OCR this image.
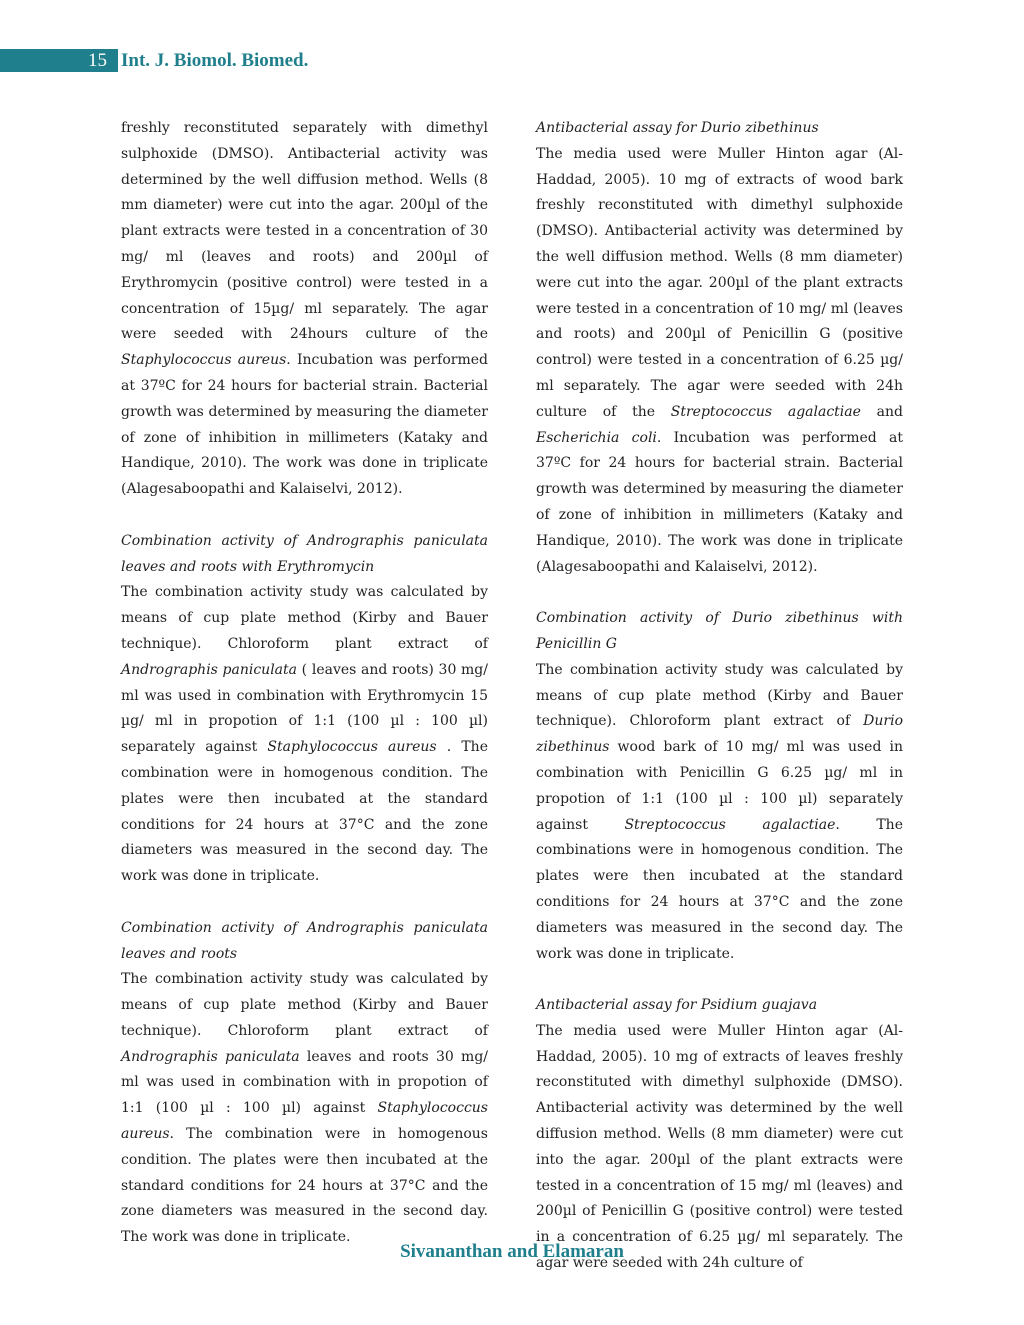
15 Int. J. Biomol. Biomed.

freshly reconstituted separately with dimethyl sulphoxide (DMSO). Antibacterial activity was determined by the well diffusion method. Wells (8 mm diameter) were cut into the agar. 200µl of the plant extracts were tested in a concentration of 30 mg/ ml (leaves and roots) and 200µl of Erythromycin (positive control) were tested in a concentration of 15µg/ ml separately. The agar were seeded with 24hours culture of the Staphylococcus aureus. Incubation was performed at 37ºC for 24 hours for bacterial strain. Bacterial growth was determined by measuring the diameter of zone of inhibition in millimeters (Kataky and Handique, 2010). The work was done in triplicate (Alagesaboopathi and Kalaiselvi, 2012).

Combination activity of Andrographis paniculata leaves and roots with Erythromycin

The combination activity study was calculated by means of cup plate method (Kirby and Bauer technique). Chloroform plant extract of Andrographis paniculata ( leaves and roots) 30 mg/ ml was used in combination with Erythromycin 15 µg/ ml in propotion of 1:1 (100 µl : 100 µl) separately against Staphylococcus aureus . The combination were in homogenous condition. The plates were then incubated at the standard conditions for 24 hours at 37°C and the zone diameters was measured in the second day. The work was done in triplicate.

Combination activity of Andrographis paniculata leaves and roots

The combination activity study was calculated by means of cup plate method (Kirby and Bauer technique). Chloroform plant extract of Andrographis paniculata leaves and roots 30 mg/ ml was used in combination with in propotion of 1:1 (100 µl : 100 µl) against Staphylococcus aureus. The combination were in homogenous condition. The plates were then incubated at the standard conditions for 24 hours at 37°C and the zone diameters was measured in the second day. The work was done in triplicate.

Antibacterial assay for Durio zibethinus

The media used were Muller Hinton agar (Al-Haddad, 2005). 10 mg of extracts of wood bark freshly reconstituted with dimethyl sulphoxide (DMSO). Antibacterial activity was determined by the well diffusion method. Wells (8 mm diameter) were cut into the agar. 200µl of the plant extracts were tested in a concentration of 10 mg/ ml (leaves and roots) and 200µl of Penicillin G (positive control) were tested in a concentration of 6.25 µg/ ml separately. The agar were seeded with 24h culture of the Streptococcus agalactiae and Escherichia coli. Incubation was performed at 37ºC for 24 hours for bacterial strain. Bacterial growth was determined by measuring the diameter of zone of inhibition in millimeters (Kataky and Handique, 2010). The work was done in triplicate (Alagesaboopathi and Kalaiselvi, 2012).

Combination activity of Durio zibethinus with Penicillin G

The combination activity study was calculated by means of cup plate method (Kirby and Bauer technique). Chloroform plant extract of Durio zibethinus wood bark of 10 mg/ ml was used in combination with Penicillin G 6.25 µg/ ml in propotion of 1:1 (100 µl : 100 µl) separately against Streptococcus agalactiae. The combinations were in homogenous condition. The plates were then incubated at the standard conditions for 24 hours at 37°C and the zone diameters was measured in the second day. The work was done in triplicate.

Antibacterial assay for Psidium guajava

The media used were Muller Hinton agar (Al-Haddad, 2005). 10 mg of extracts of leaves freshly reconstituted with dimethyl sulphoxide (DMSO). Antibacterial activity was determined by the well diffusion method. Wells (8 mm diameter) were cut into the agar. 200µl of the plant extracts were tested in a concentration of 15 mg/ ml (leaves) and 200µl of Penicillin G (positive control) were tested in a concentration of 6.25 µg/ ml separately. The agar were seeded with 24h culture of

Sivananthan and Elamaran
